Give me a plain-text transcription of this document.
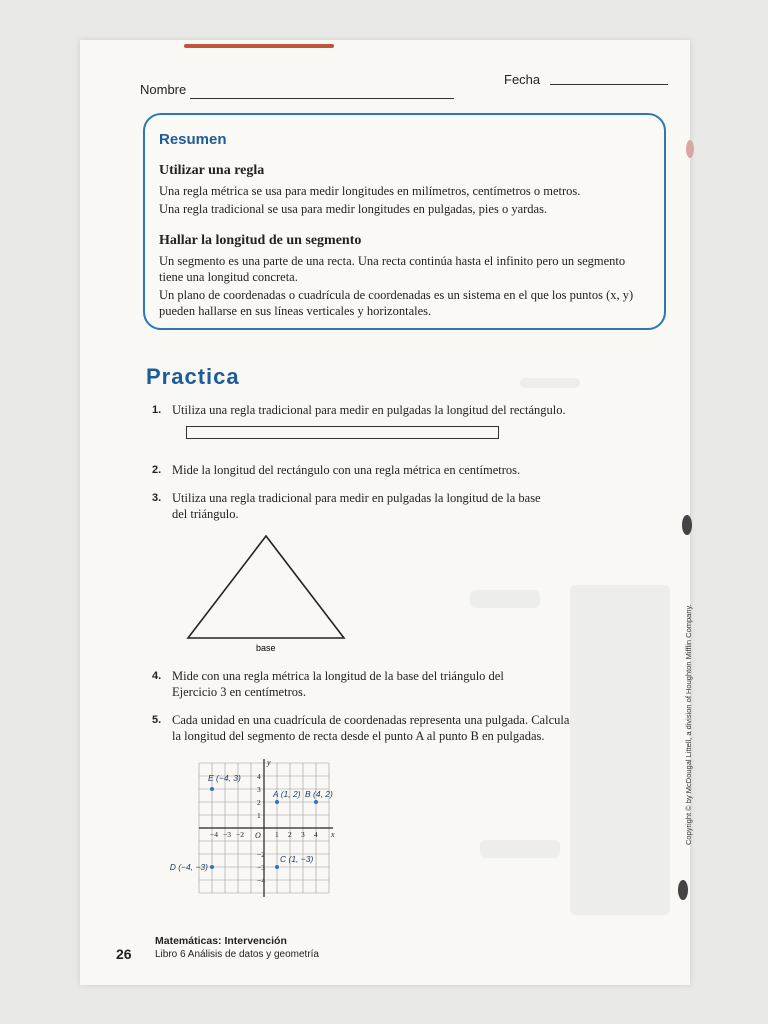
Nombre
Fecha
Resumen
Utilizar una regla
Una regla métrica se usa para medir longitudes en milímetros, centímetros o metros.
Una regla tradicional se usa para medir longitudes en pulgadas, pies o yardas.
Hallar la longitud de un segmento
Un segmento es una parte de una recta. Una recta continúa hasta el infinito pero un segmento tiene una longitud concreta.
Un plano de coordenadas o cuadrícula de coordenadas es un sistema en el que los puntos (x, y) pueden hallarse en sus líneas verticales y horizontales.
Practica
1. Utiliza una regla tradicional para medir en pulgadas la longitud del rectángulo.
2. Mide la longitud del rectángulo con una regla métrica en centímetros.
3. Utiliza una regla tradicional para medir en pulgadas la longitud de la base del triángulo.
base
4. Mide con una regla métrica la longitud de la base del triángulo del Ejercicio 3 en centímetros.
5. Cada unidad en una cuadrícula de coordenadas representa una pulgada. Calcula la longitud del segmento de recta desde el punto A al punto B en pulgadas.
−4 −3 −2	1 2 3 4
4
3
2
1
−2
−3
−4
O	x
y
E (−4, 3)
A (1, 2) B (4, 2)
C (1, −3)
D (−4, −3)
26
Matemáticas: Intervención
Libro 6 Análisis de datos y geometría
Copyright © by McDougal Littell, a division of Houghton Mifflin Company.
